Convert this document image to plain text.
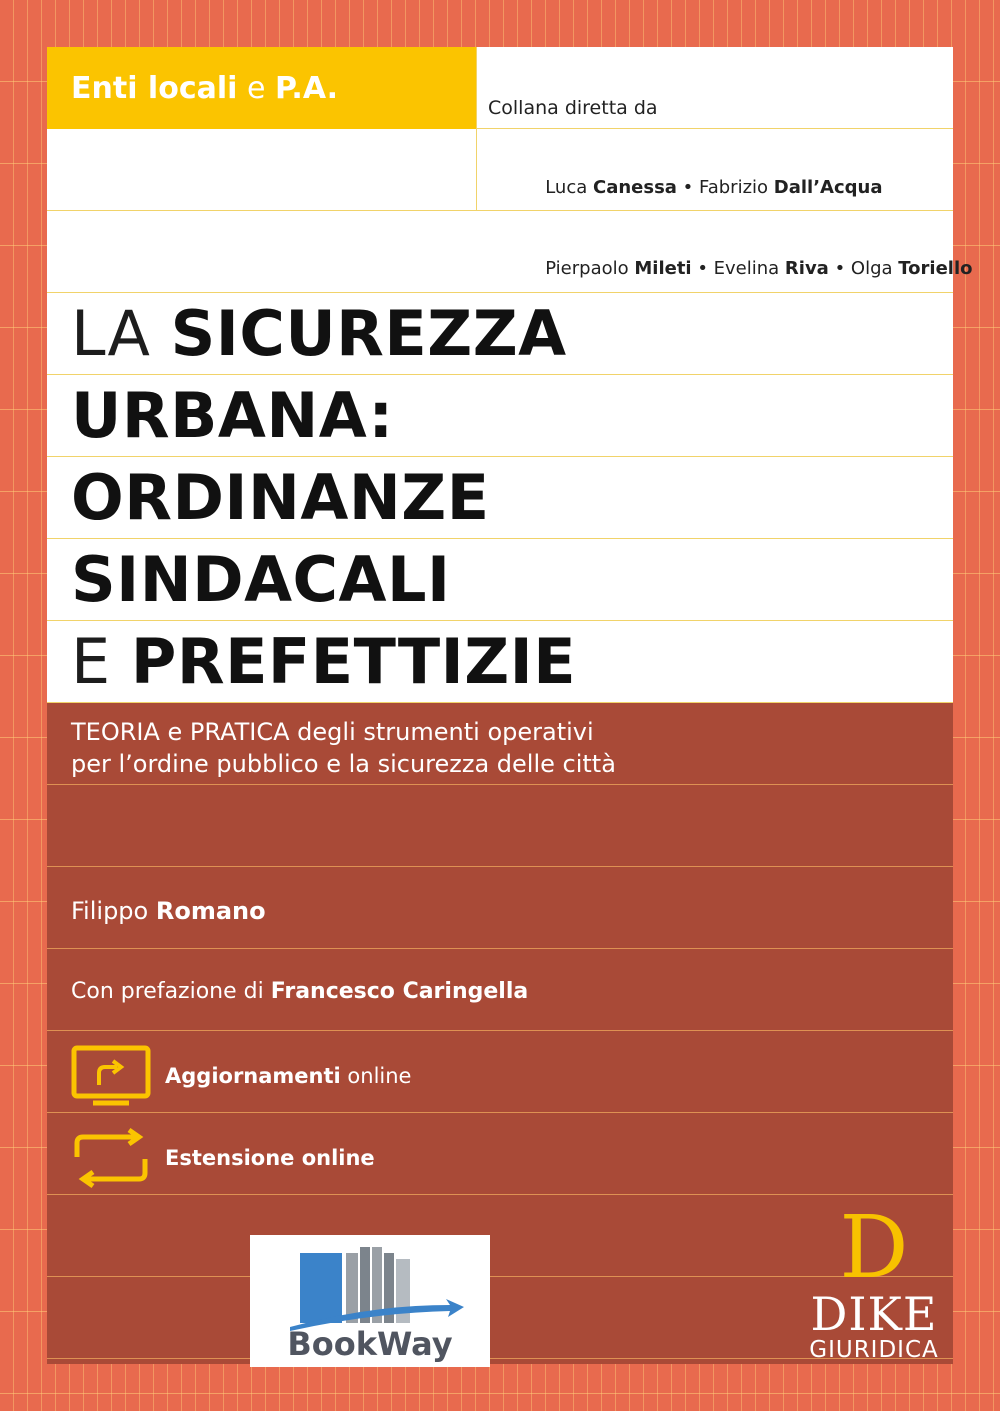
Enti locali e P.A.
Collana diretta da

Luca Canessa • Fabrizio Dall’Acqua

Pierpaolo Mileti • Evelina Riva • Olga Toriello

LA SICUREZZA
URBANA:
ORDINANZE
SINDACALI
E PREFETTIZIE
TEORIA e PRATICA degli strumenti operativi
per l’ordine pubblico e la sicurezza delle città
Filippo Romano
Con prefazione di Francesco Caringella
Aggiornamenti online
Estensione online
BookWay
D
DIKE
GIURIDICA
